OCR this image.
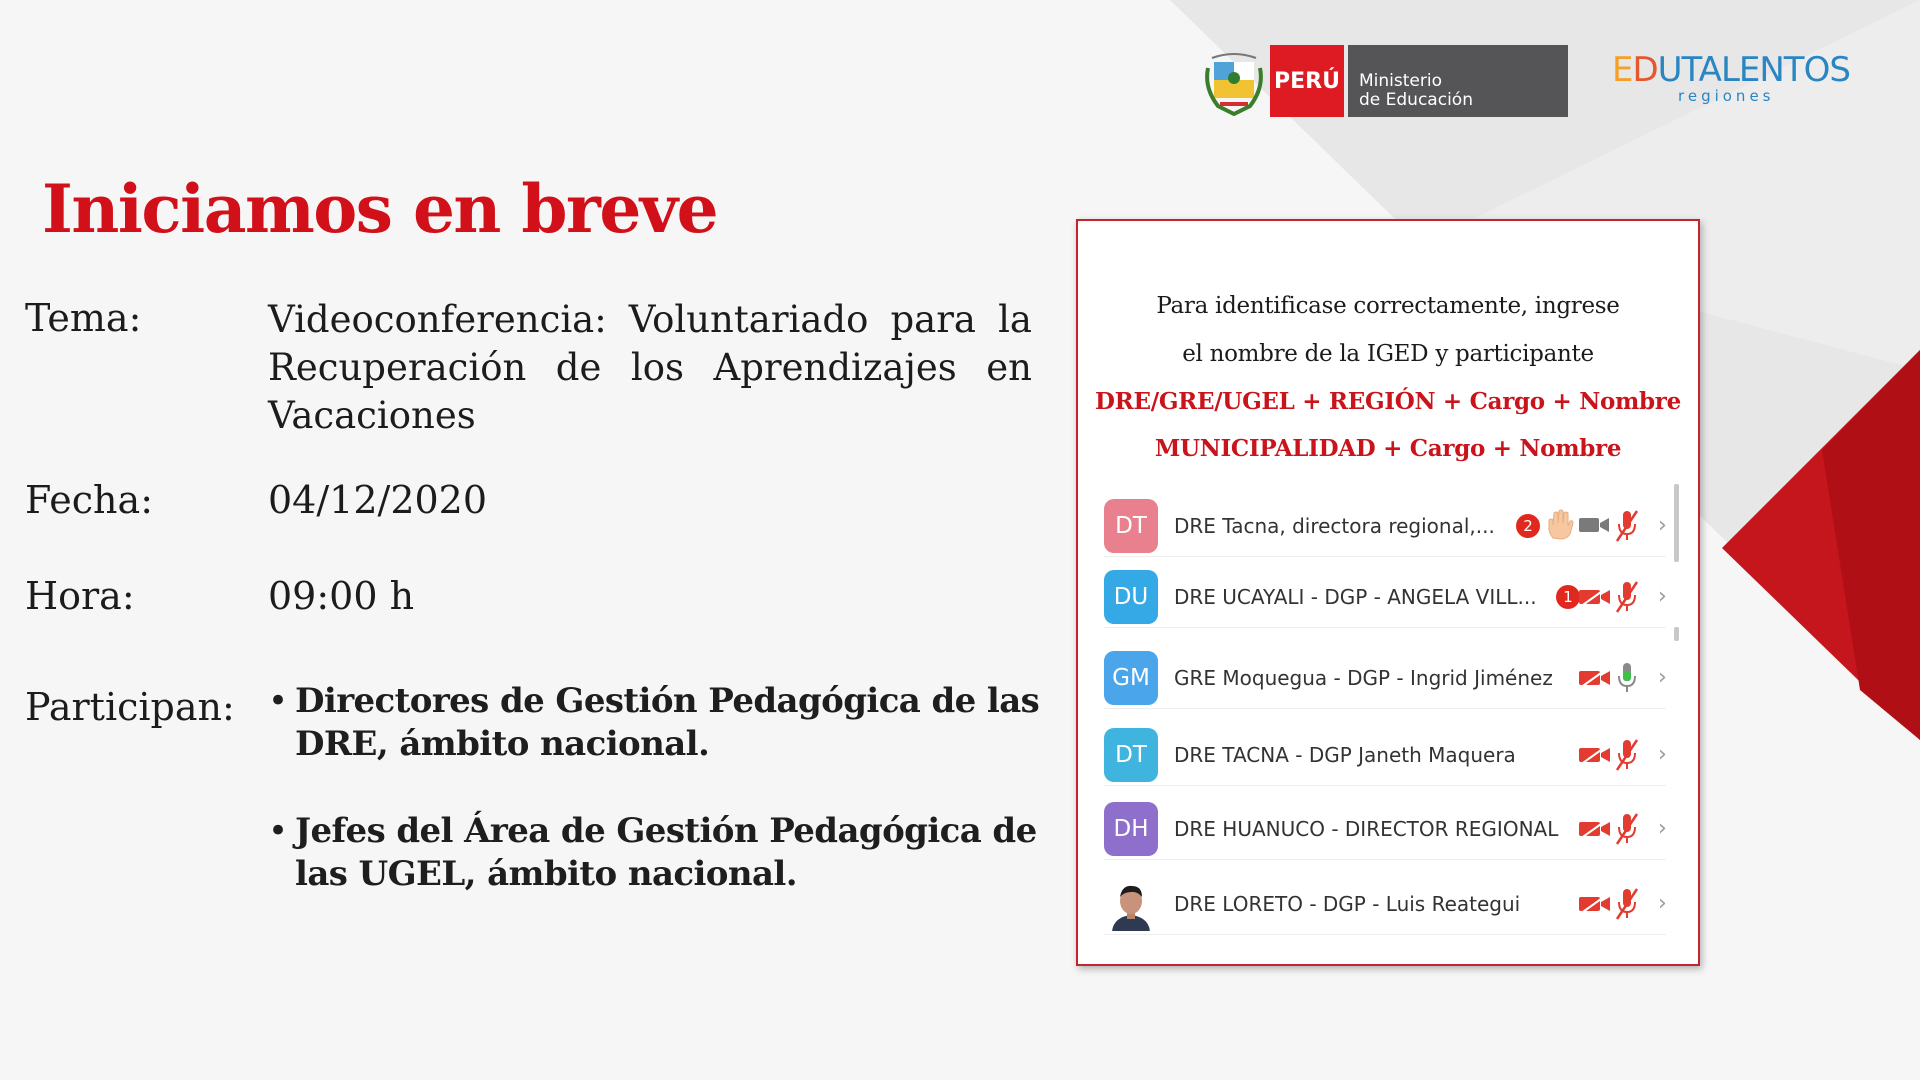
PERÚ Ministerio
de Educación
EDUTALENTOS
regiones
Iniciamos en breve
Tema:	Videoconferencia: Voluntariado para la
Recuperación de los Aprendizajes en
Vacaciones
Fecha:	04/12/2020
Hora:	09:00 h
Participan:
•	Directores de Gestión Pedagógica de las DRE, ámbito nacional.
• Jefes del Área de Gestión Pedagógica de las UGEL, ámbito nacional.
Para identificase correctamente, ingrese
el nombre de la IGED y participante
DRE/GRE/UGEL + REGIÓN + Cargo + Nombre
MUNICIPALIDAD + Cargo + Nombre
DT	DRE Tacna, directora regional,...	2	›
DU	DRE UCAYALI - DGP - ANGELA VILL...	1	›
GM	GRE Moquegua - DGP - Ingrid Jiménez	›
DT	DRE TACNA - DGP Janeth Maquera	›
DH	DRE HUANUCO - DIRECTOR REGIONAL	›
DRE LORETO - DGP - Luis Reategui	›
